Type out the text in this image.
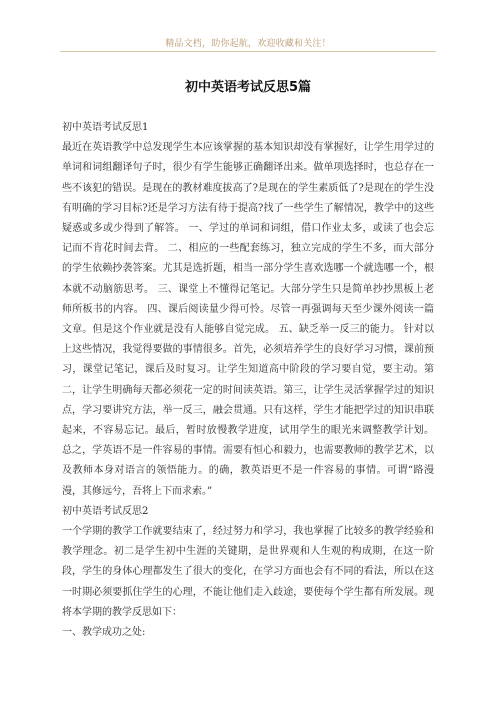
精品文档，助你起航，欢迎收藏和关注！
初中英语考试反思5篇

初中英语考试反思1

最近在英语教学中总发现学生本应该掌握的基本知识却没有掌握好，让学生用学过的单词和词组翻译句子时，很少有学生能够正确翻译出来。做单项选择时，也总存在一些不该犯的错误。是现在的教材难度拔高了?是现在的学生素质低了?是现在的学生没有明确的学习目标?还是学习方法有待于提高?找了一些学生了解情况，教学中的这些疑惑或多或少得到了解答。 一、学过的单词和词组，借口作业太多，或读了也会忘记而不肯花时间去背。 二、相应的一些配套练习，独立完成的学生不多，而大部分的学生依赖抄袭答案。尤其是选折题，相当一部分学生喜欢选哪一个就选哪一个，根本就不动脑筋思考。 三、课堂上不懂得记笔记。大部分学生只是简单抄抄黑板上老师所板书的内容。 四、课后阅读量少得可怜。尽管一再强调每天至少课外阅读一篇文章。但是这个作业就是没有人能够自觉完成。 五、缺乏举一反三的能力。 针对以上这些情况，我觉得要做的事情很多。首先，必须培养学生的良好学习习惯，课前预习，课堂记笔记，课后及时复习。让学生知道高中阶段的学习要自觉，要主动。第二，让学生明确每天都必须花一定的时间读英语。第三，让学生灵活掌握学过的知识点，学习要讲究方法，举一反三，融会贯通。只有这样，学生才能把学过的知识串联起来，不容易忘记。最后，暂时放慢教学进度，试用学生的眼光来调整教学计划。 总之，学英语不是一件容易的事情。需要有恒心和毅力，也需要教师的教学艺术，以及教师本身对语言的领悟能力。的确，教英语更不是一件容易的事情。可谓“路漫漫，其修远兮，吾将上下而求索。”

初中英语考试反思2

一个学期的教学工作就要结束了，经过努力和学习，我也掌握了比较多的教学经验和教学理念。初二是学生初中生涯的关键期，是世界观和人生观的构成期，在这一阶段，学生的身体心理都发生了很大的变化，在学习方面也会有不同的看法，所以在这一时期必须要抓住学生的心理，不能让他们走入歧途，要使每个学生都有所发展。现将本学期的教学反思如下：

一、教学成功之处:
